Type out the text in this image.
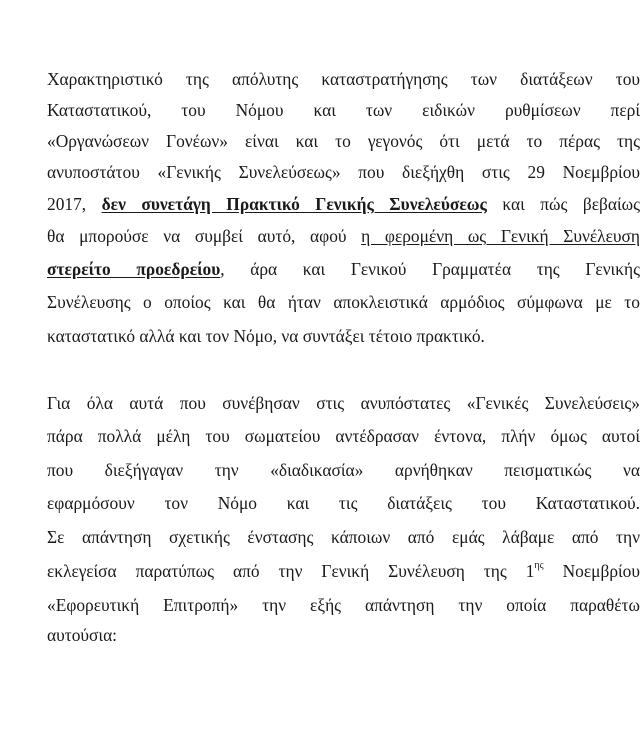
Χαρακτηριστικό της απόλυτης καταστρατήγησης των διατάξεων του
Καταστατικού, του Νόμου και των ειδικών ρυθμίσεων περί
«Οργανώσεων Γονέων» είναι και το γεγονός ότι μετά το πέρας της
ανυποστάτου «Γενικής Συνελεύσεως» που διεξήχθη στις 29 Νοεμβρίου
2017, δεν συνετάγη Πρακτικό Γενικής Συνελεύσεως και πώς βεβαίως
θα μπορούσε να συμβεί αυτό, αφού η φερομένη ως Γενική Συνέλευση
στερείτο προεδρείου, άρα και Γενικού Γραμματέα της Γενικής
Συνέλευσης ο οποίος και θα ήταν αποκλειστικά αρμόδιος σύμφωνα με το
καταστατικό αλλά και τον Νόμο, να συντάξει τέτοιο πρακτικό.
Για όλα αυτά που συνέβησαν στις ανυπόστατες «Γενικές Συνελεύσεις»
πάρα πολλά μέλη του σωματείου αντέδρασαν έντονα, πλήν όμως αυτοί
που διεξήγαγαν την «διαδικασία» αρνήθηκαν πεισματικώς να
εφαρμόσουν τον Νόμο και τις διατάξεις του Καταστατικού.
Σε απάντηση σχετικής ένστασης κάποιων από εμάς λάβαμε από την
εκλεγείσα παρατύπως από την Γενική Συνέλευση της $1^{\eta\varsigma}$ Νοεμβρίου
«Εφορευτική Επιτροπή» την εξής απάντηση την οποία παραθέτω
αυτούσια:
